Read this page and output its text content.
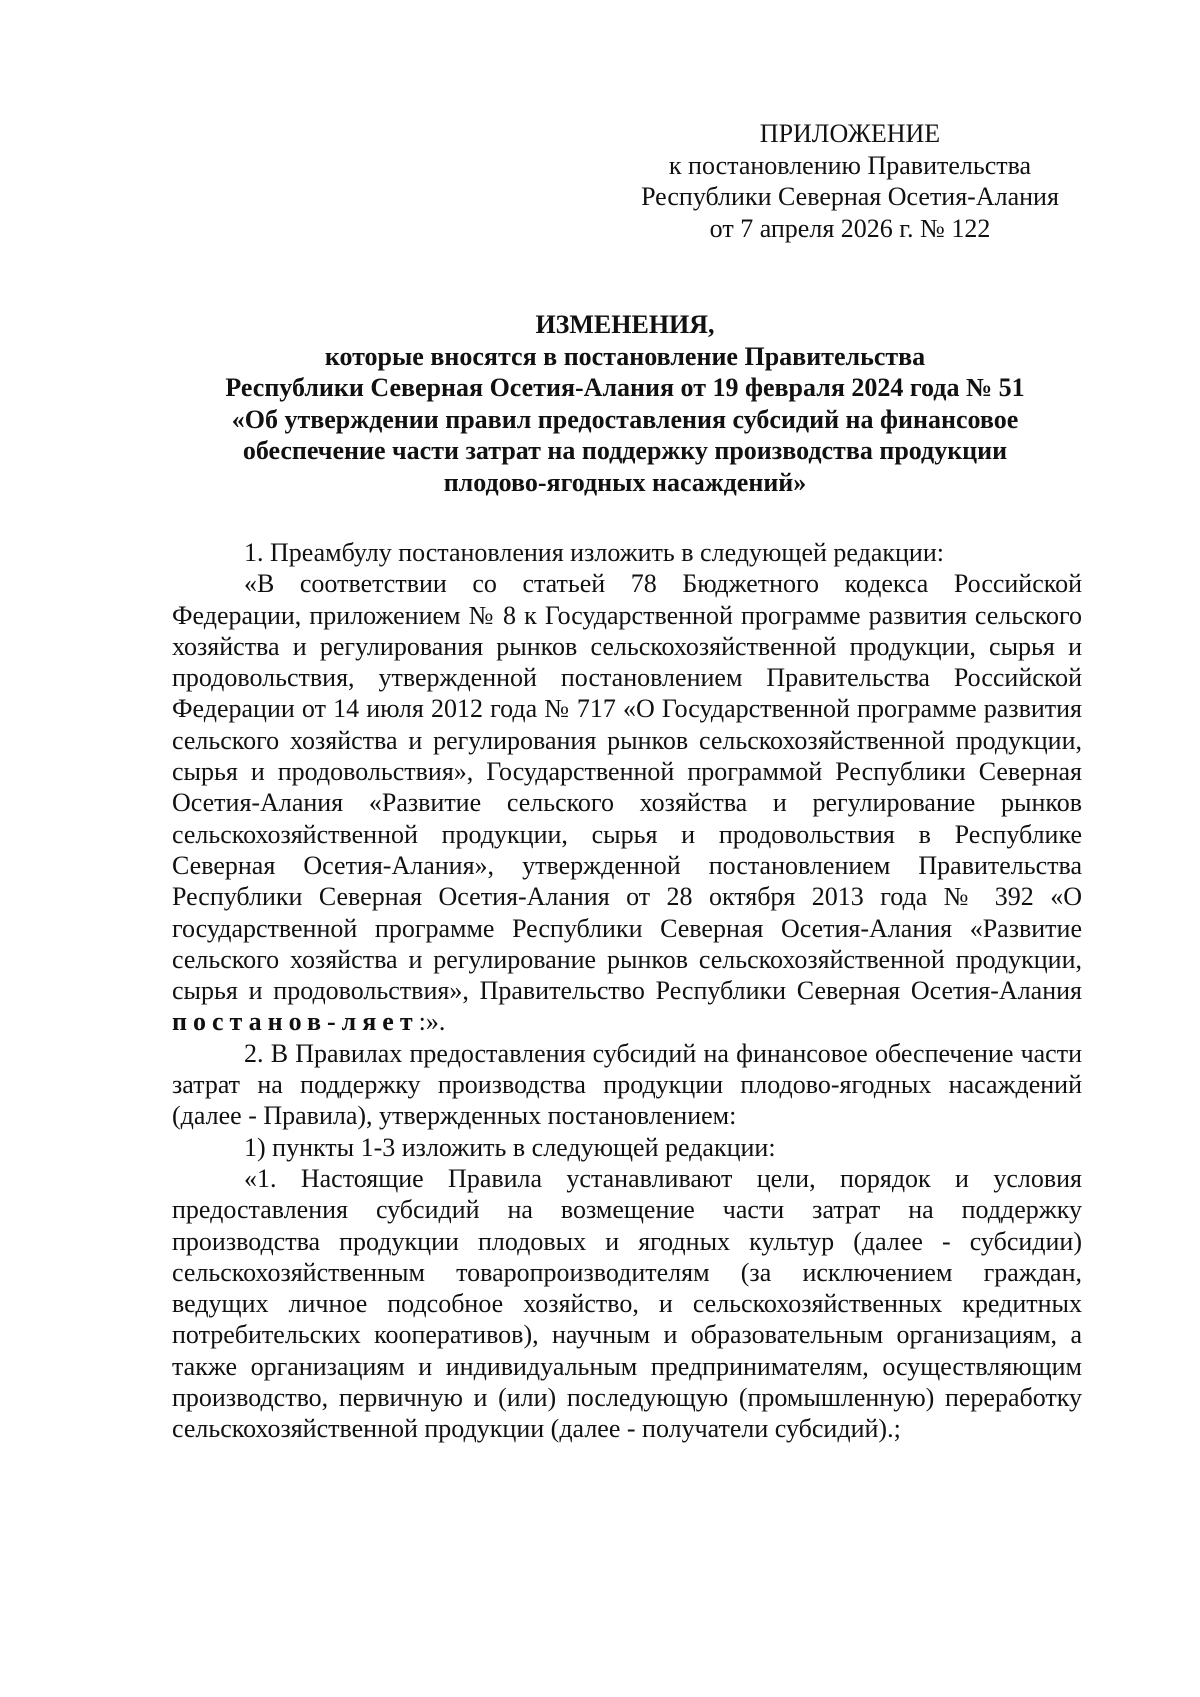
ПРИЛОЖЕНИЕ
к постановлению Правительства
Республики Северная Осетия-Алания
от 7 апреля 2026 г. № 122
ИЗМЕНЕНИЯ,
которые вносятся в постановление Правительства
Республики Северная Осетия-Алания от 19 февраля 2024 года № 51
«Об утверждении правил предоставления субсидий на финансовое
обеспечение части затрат на поддержку производства продукции
плодово-ягодных насаждений»

1. Преамбулу постановления изложить в следующей редакции:

«В соответствии со статьей 78 Бюджетного кодекса Российской Федерации, приложением № 8 к Государственной программе развития сельского хозяйства и регулирования рынков сельскохозяйственной продукции, сырья и продовольствия, утвержденной постановлением Правительства Российской Федерации от 14 июля 2012 года № 717 «О Государственной программе развития сельского хозяйства и регулирования рынков сельскохозяйственной продукции, сырья и продовольствия», Государственной программой Республики Северная Осетия-Алания «Развитие сельского хозяйства и регулирование рынков сельскохозяйственной продукции, сырья и продовольствия в Республике Северная Осетия-Алания», утвержденной постановлением Правительства Республики Северная Осетия-Алания от 28 октября 2013 года № 392 «О государственной программе Республики Северная Осетия-Алания «Развитие сельского хозяйства и регулирование рынков сельскохозяйственной продукции, сырья и продовольствия», Правительство Республики Северная Осетия-Алания постанов-ляет:».

2. В Правилах предоставления субсидий на финансовое обеспечение части затрат на поддержку производства продукции плодово-ягодных насаждений (далее - Правила), утвержденных постановлением:

1) пункты 1-3 изложить в следующей редакции:

«1. Настоящие Правила устанавливают цели, порядок и условия предоставления субсидий на возмещение части затрат на поддержку производства продукции плодовых и ягодных культур (далее - субсидии) сельскохозяйственным товаропроизводителям (за исключением граждан, ведущих личное подсобное хозяйство, и сельскохозяйственных кредитных потребительских кооперативов), научным и образовательным организациям, а также организациям и индивидуальным предпринимателям, осуществляющим производство, первичную и (или) последующую (промышленную) переработку сельскохозяйственной продукции (далее - получатели субсидий).;
